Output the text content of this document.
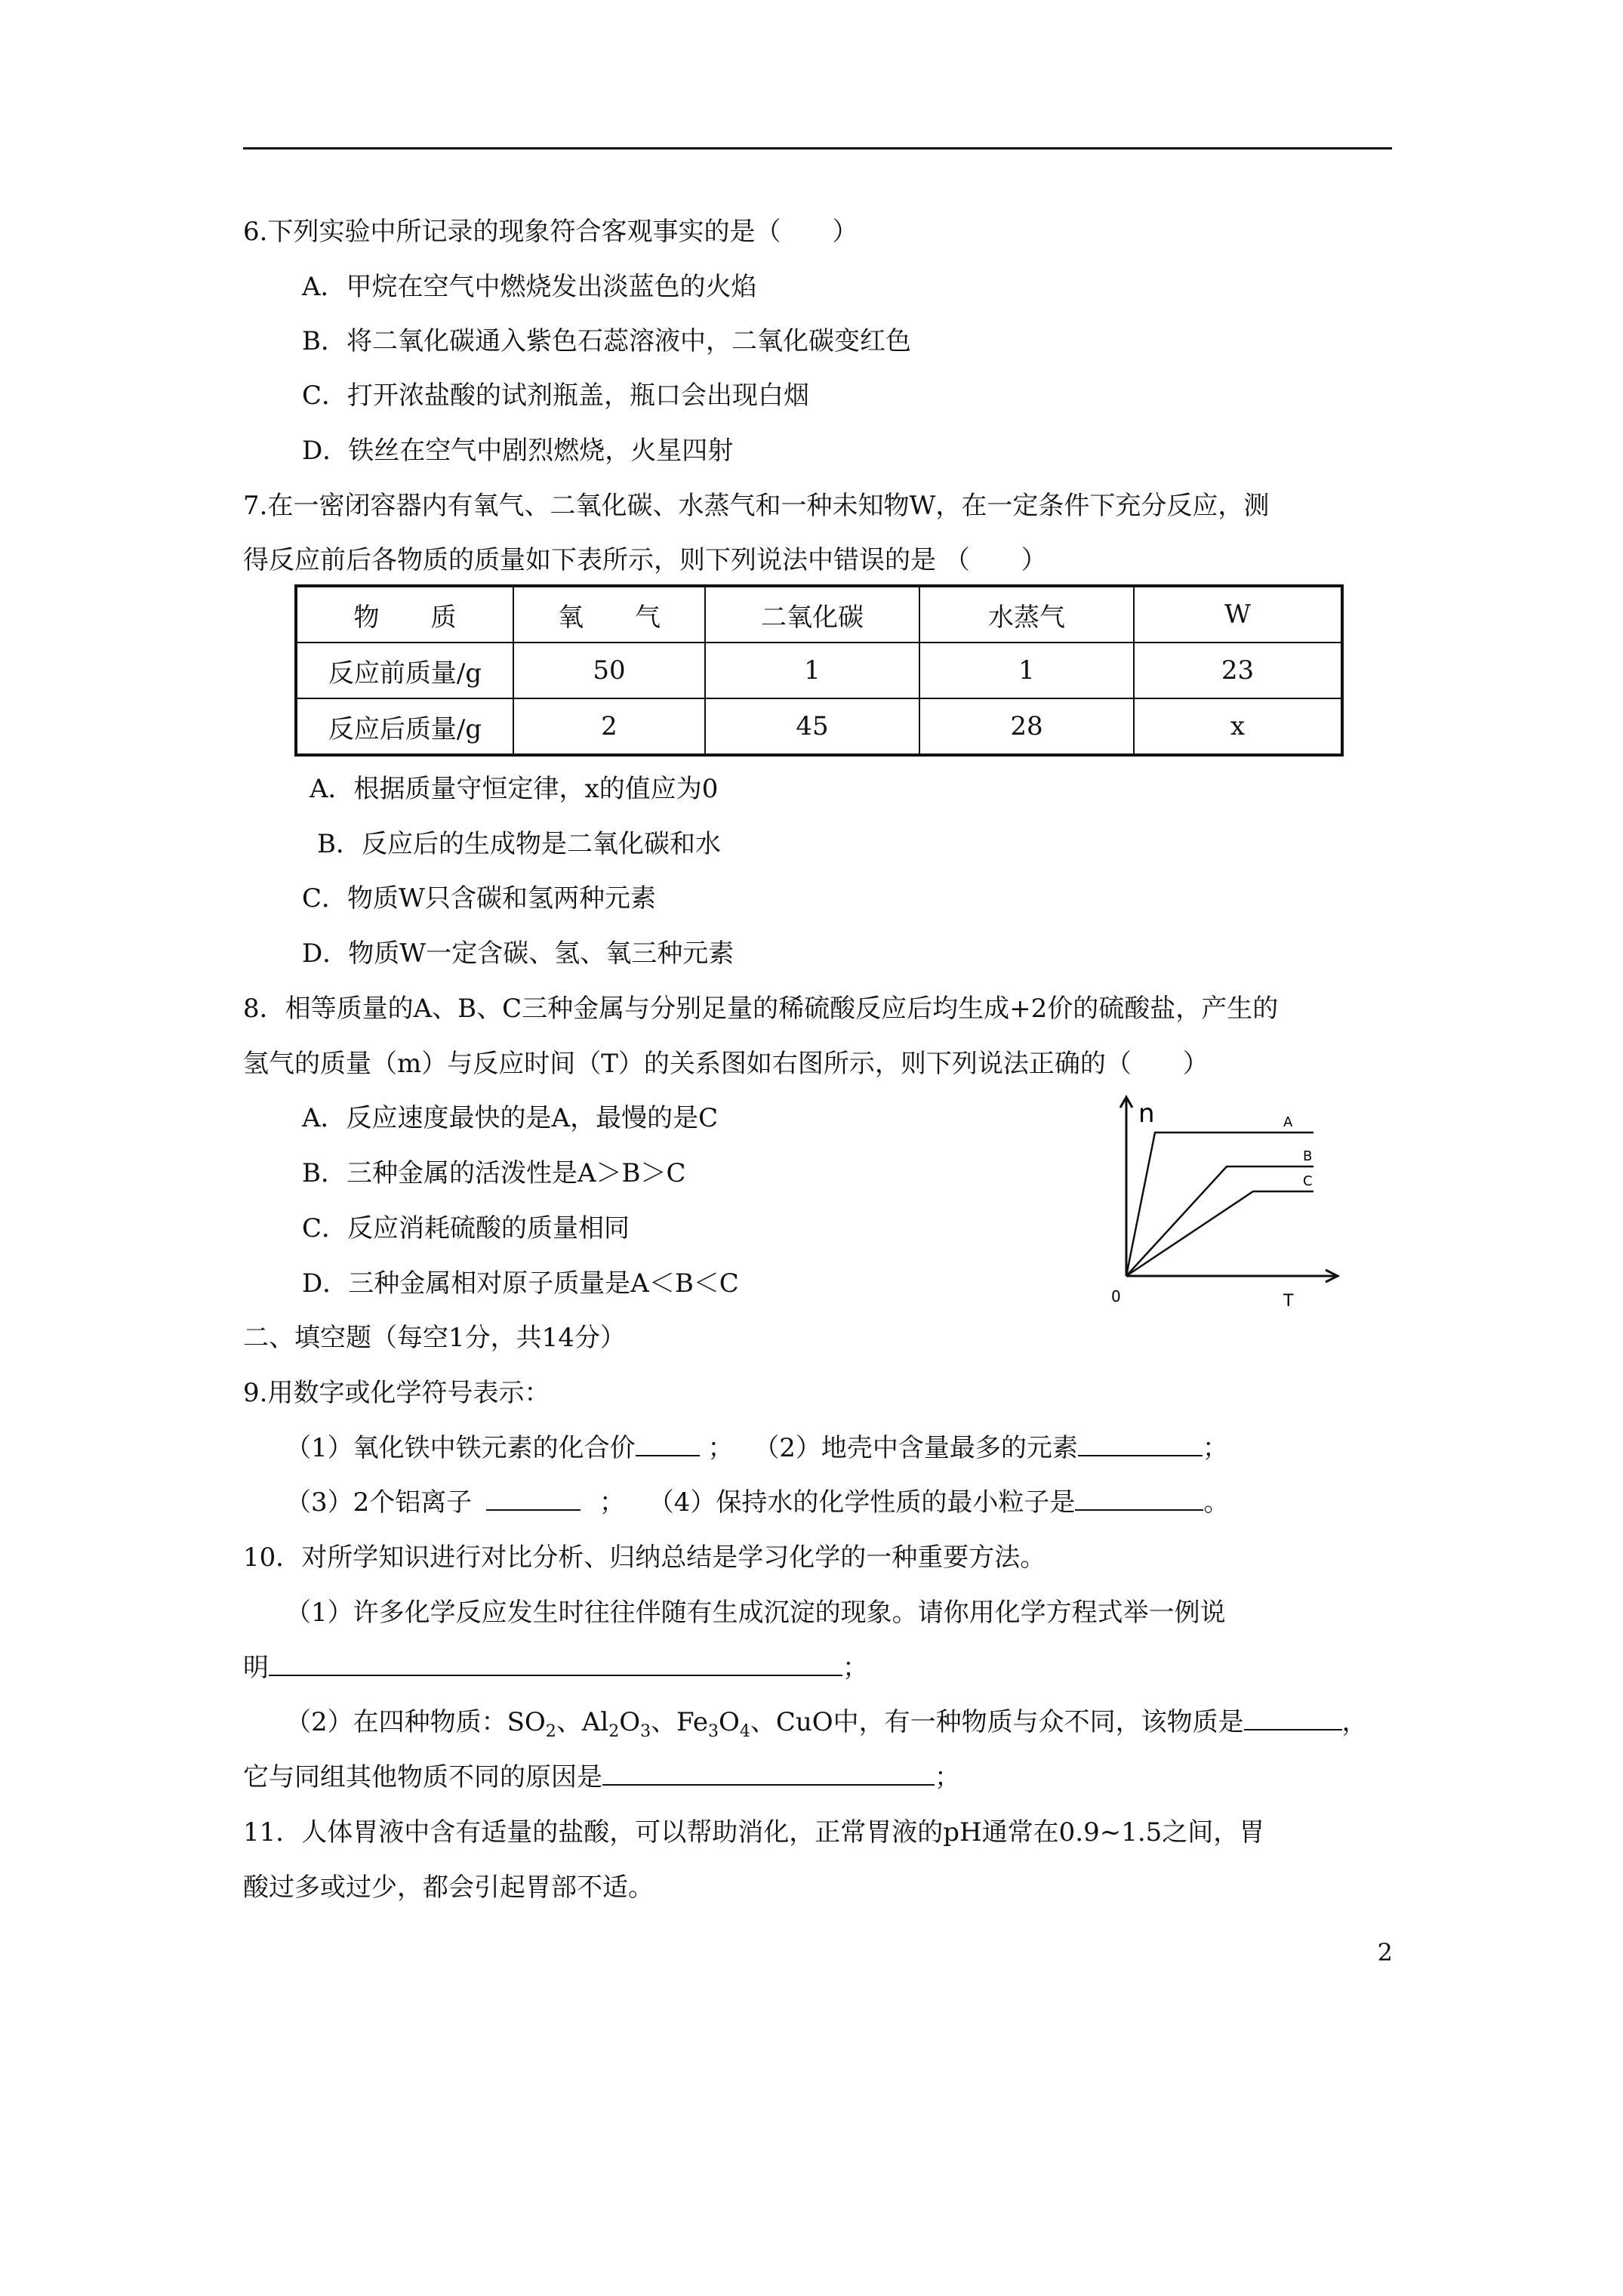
6.下列实验中所记录的现象符合客观事实的是（　　）
A．甲烷在空气中燃烧发出淡蓝色的火焰
B．将二氧化碳通入紫色石蕊溶液中，二氧化碳变红色
C．打开浓盐酸的试剂瓶盖，瓶口会出现白烟
D．铁丝在空气中剧烈燃烧，火星四射
7.在一密闭容器内有氧气、二氧化碳、水蒸气和一种未知物W，在一定条件下充分反应，测
得反应前后各物质的质量如下表所示，则下列说法中错误的是 （　　）
物　　质	氧　　气	二氧化碳	水蒸气	W
反应前质量/g	50	1	1	23
反应后质量/g	2	45	28	x
A．根据质量守恒定律，x的值应为0
B．反应后的生成物是二氧化碳和水
C．物质W只含碳和氢两种元素
D．物质W一定含碳、氢、氧三种元素
8．相等质量的A、B、C三种金属与分别足量的稀硫酸反应后均生成+2价的硫酸盐，产生的
氢气的质量（m）与反应时间（T）的关系图如右图所示，则下列说法正确的（　　）
A．反应速度最快的是A，最慢的是C
B．三种金属的活泼性是A＞B＞C
C．反应消耗硫酸的质量相同
D．三种金属相对原子质量是A＜B＜C
n
T
0
A
B
C
二、填空题（每空1分，共14分）
9.用数字或化学符号表示：
（1）氧化铁中铁元素的化合价	； （2）地壳中含量最多的元素	；
（3）2个铝离子	； （4）保持水的化学性质的最小粒子是	。
10．对所学知识进行对比分析、归纳总结是学习化学的一种重要方法。
（1）许多化学反应发生时往往伴随有生成沉淀的现象。请你用化学方程式举一例说
明	；
（2）在四种物质：$SO_2$、$Al_2O_3$、$Fe_3O_4$、CuO中，有一种物质与众不同，该物质是	，
它与同组其他物质不同的原因是	；
11．人体胃液中含有适量的盐酸，可以帮助消化，正常胃液的pH通常在0.9~1.5之间，胃
酸过多或过少，都会引起胃部不适。
2
